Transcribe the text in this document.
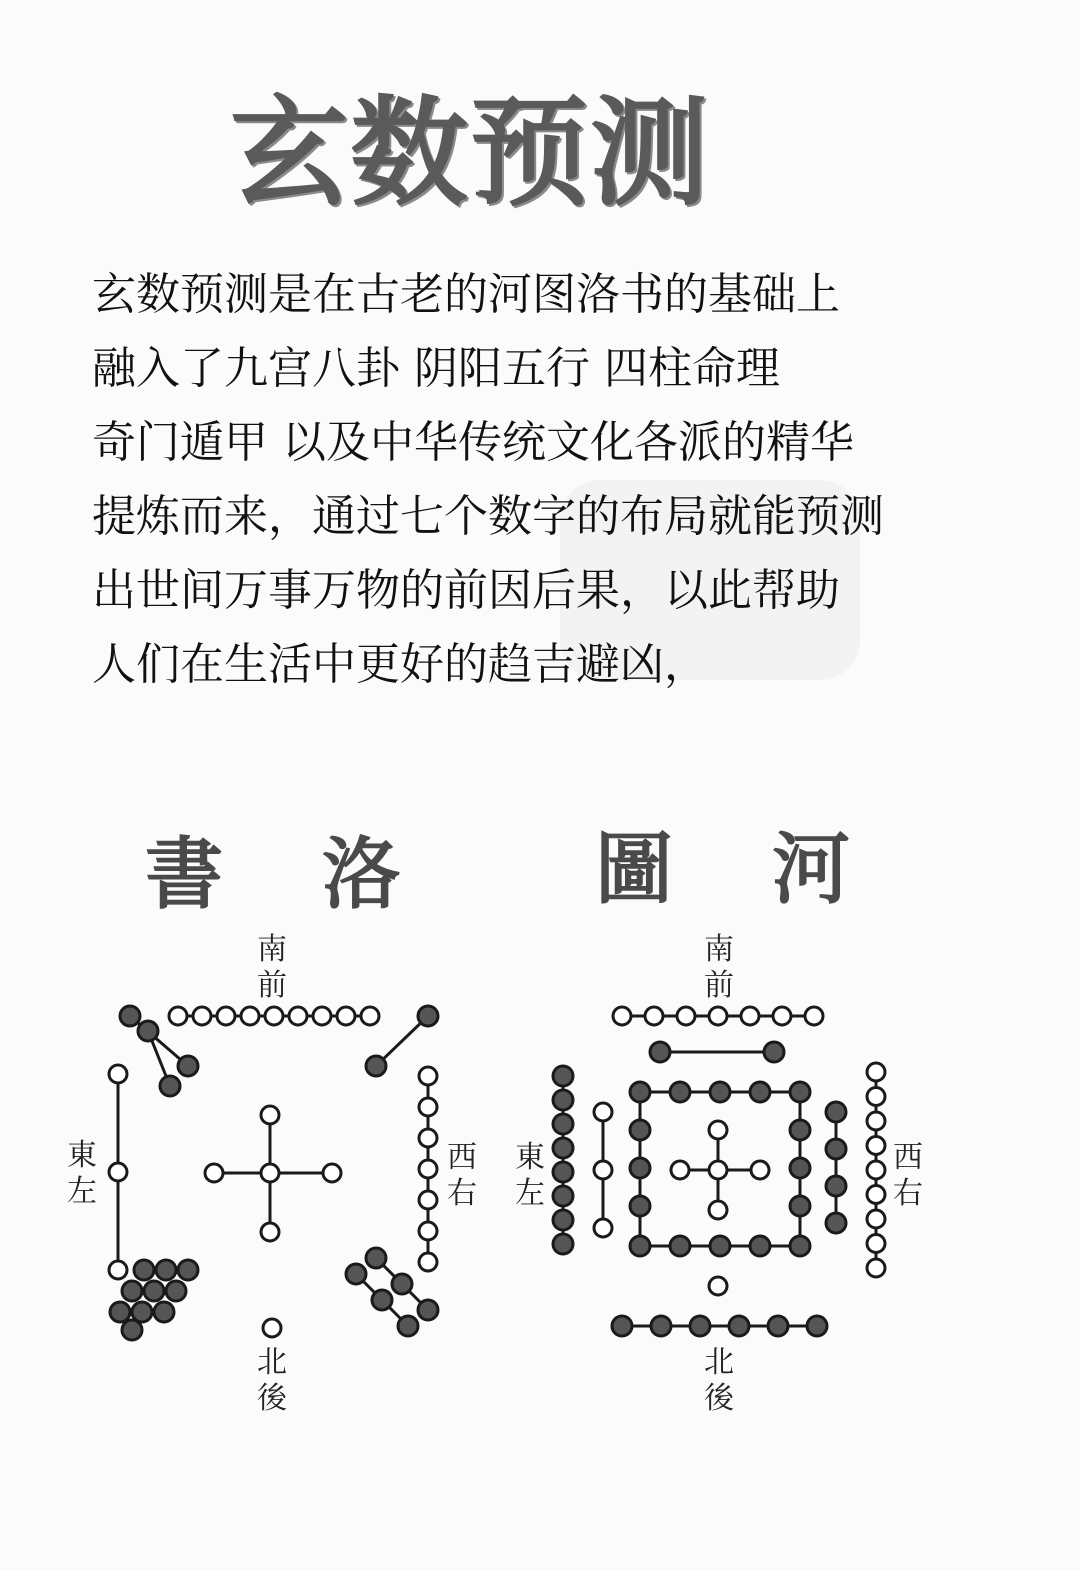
玄数预测
玄数预测是在古老的河图洛书的基础上
融入了九宫八卦 阴阳五行 四柱命理
奇门遁甲 以及中华传统文化各派的精华
提炼而来，通过七个数字的布局就能预测
出世间万事万物的前因后果，以此帮助
人们在生活中更好的趋吉避凶，
書 洛 圖 河
南
前
北
後
東
左
西
右
南
前
北
後
東
左
西
右
